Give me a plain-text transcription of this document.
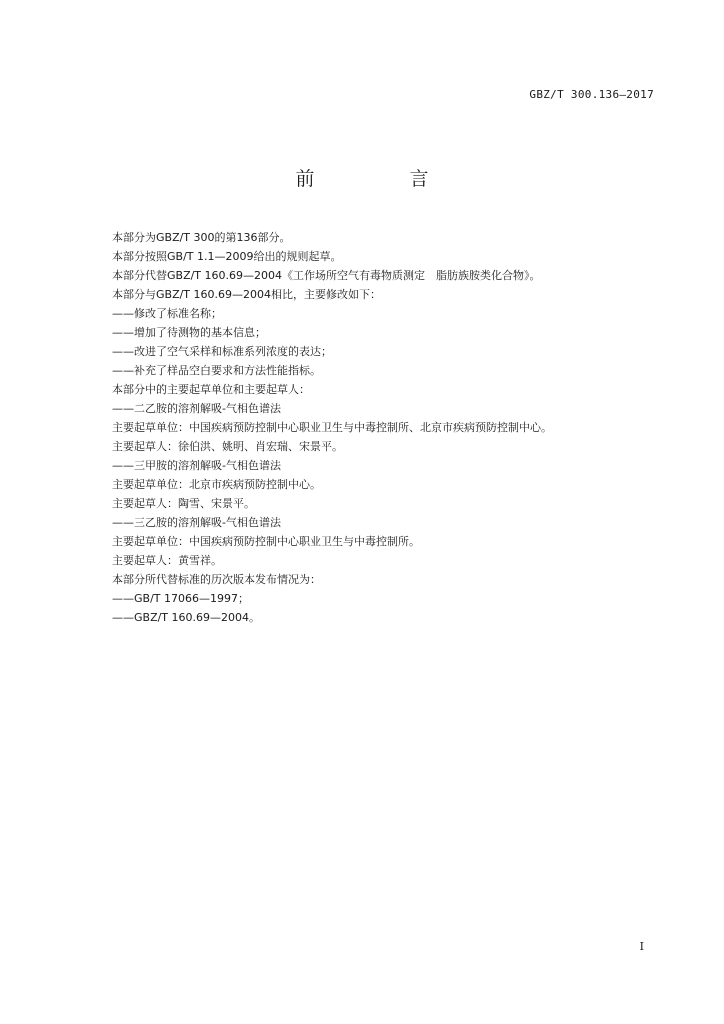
GBZ/T 300.136—2017
前　言
本部分为GBZ/T 300的第136部分。
本部分按照GB/T 1.1—2009给出的规则起草。
本部分代替GBZ/T 160.69—2004《工作场所空气有毒物质测定　脂肪族胺类化合物》。
本部分与GBZ/T 160.69—2004相比，主要修改如下：
——修改了标准名称；
——增加了待测物的基本信息；
——改进了空气采样和标准系列浓度的表达；
——补充了样品空白要求和方法性能指标。
本部分中的主要起草单位和主要起草人：
——二乙胺的溶剂解吸-气相色谱法
主要起草单位：中国疾病预防控制中心职业卫生与中毒控制所、北京市疾病预防控制中心。
主要起草人：徐伯洪、姚明、肖宏瑞、宋景平。
——三甲胺的溶剂解吸-气相色谱法
主要起草单位：北京市疾病预防控制中心。
主要起草人：陶雪、宋景平。
——三乙胺的溶剂解吸-气相色谱法
主要起草单位：中国疾病预防控制中心职业卫生与中毒控制所。
主要起草人：黄雪祥。
本部分所代替标准的历次版本发布情况为：
——GB/T 17066—1997；
——GBZ/T 160.69—2004。
I
